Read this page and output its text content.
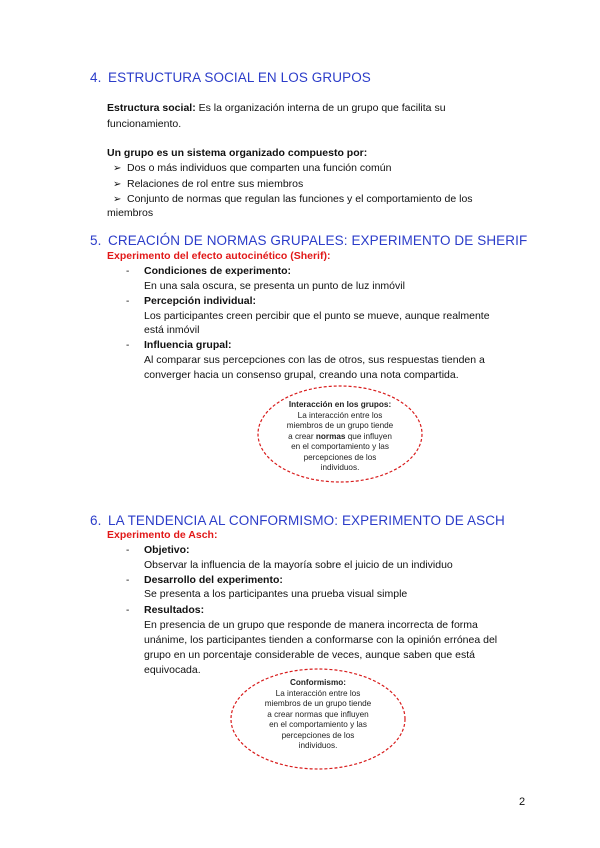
4. ESTRUCTURA SOCIAL EN LOS GRUPOS
Estructura social: Es la organización interna de un grupo que facilita su
funcionamiento.
Un grupo es un sistema organizado compuesto por:
➢ Dos o más individuos que comparten una función común
➢ Relaciones de rol entre sus miembros
➢ Conjunto de normas que regulan las funciones y el comportamiento de los
miembros
5. CREACIÓN DE NORMAS GRUPALES: EXPERIMENTO DE SHERIF
Experimento del efecto autocinético (Sherif):
- Condiciones de experimento:
En una sala oscura, se presenta un punto de luz inmóvil
- Percepción individual:
Los participantes creen percibir que el punto se mueve, aunque realmente
está inmóvil
- Influencia grupal:
Al comparar sus percepciones con las de otros, sus respuestas tienden a
converger hacia un consenso grupal, creando una nota compartida.
Interacción en los grupos:
La interacción entre los
miembros de un grupo tiende
a crear normas que influyen
en el comportamiento y las
percepciones de los
individuos.
6. LA TENDENCIA AL CONFORMISMO: EXPERIMENTO DE ASCH
Experimento de Asch:
- Objetivo:
Observar la influencia de la mayoría sobre el juicio de un individuo
- Desarrollo del experimento:
Se presenta a los participantes una prueba visual simple
- Resultados:
En presencia de un grupo que responde de manera incorrecta de forma
unánime, los participantes tienden a conformarse con la opinión errónea del
grupo en un porcentaje considerable de veces, aunque saben que está
equivocada.
Conformismo:
La interacción entre los
miembros de un grupo tiende
a crear normas que influyen
en el comportamiento y las
percepciones de los
individuos.
2
